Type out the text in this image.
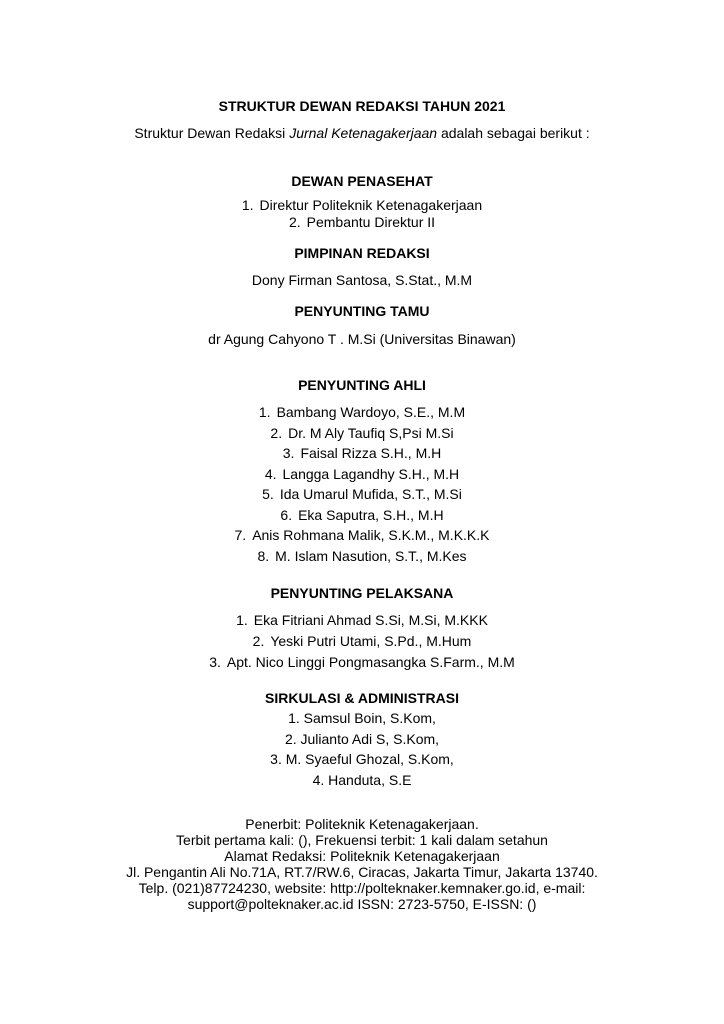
STRUKTUR DEWAN REDAKSI TAHUN 2021
Struktur Dewan Redaksi Jurnal Ketenagakerjaan adalah sebagai berikut :
DEWAN PENASEHAT
1. Direktur Politeknik Ketenagakerjaan
2. Pembantu Direktur II
PIMPINAN REDAKSI
Dony Firman Santosa, S.Stat., M.M
PENYUNTING TAMU
dr Agung Cahyono T . M.Si (Universitas Binawan)
PENYUNTING AHLI
1. Bambang Wardoyo, S.E., M.M
2. Dr. M Aly Taufiq S,Psi M.Si
3. Faisal Rizza S.H., M.H
4. Langga Lagandhy S.H., M.H
5. Ida Umarul Mufida, S.T., M.Si
6. Eka Saputra, S.H., M.H
7. Anis Rohmana Malik, S.K.M., M.K.K.K
8. M. Islam Nasution, S.T., M.Kes
PENYUNTING PELAKSANA
1. Eka Fitriani Ahmad S.Si, M.Si, M.KKK
2. Yeski Putri Utami, S.Pd., M.Hum
3. Apt. Nico Linggi Pongmasangka S.Farm., M.M
SIRKULASI & ADMINISTRASI
1. Samsul Boin, S.Kom,
2. Julianto Adi S, S.Kom,
3. M. Syaeful Ghozal, S.Kom,
4. Handuta, S.E
Penerbit: Politeknik Ketenagakerjaan.
Terbit pertama kali: (), Frekuensi terbit: 1 kali dalam setahun
Alamat Redaksi: Politeknik Ketenagakerjaan
Jl. Pengantin Ali No.71A, RT.7/RW.6, Ciracas, Jakarta Timur, Jakarta 13740.
Telp. (021)87724230, website: http://polteknaker.kemnaker.go.id, e-mail:
support@polteknaker.ac.id ISSN: 2723-5750, E-ISSN: ()
